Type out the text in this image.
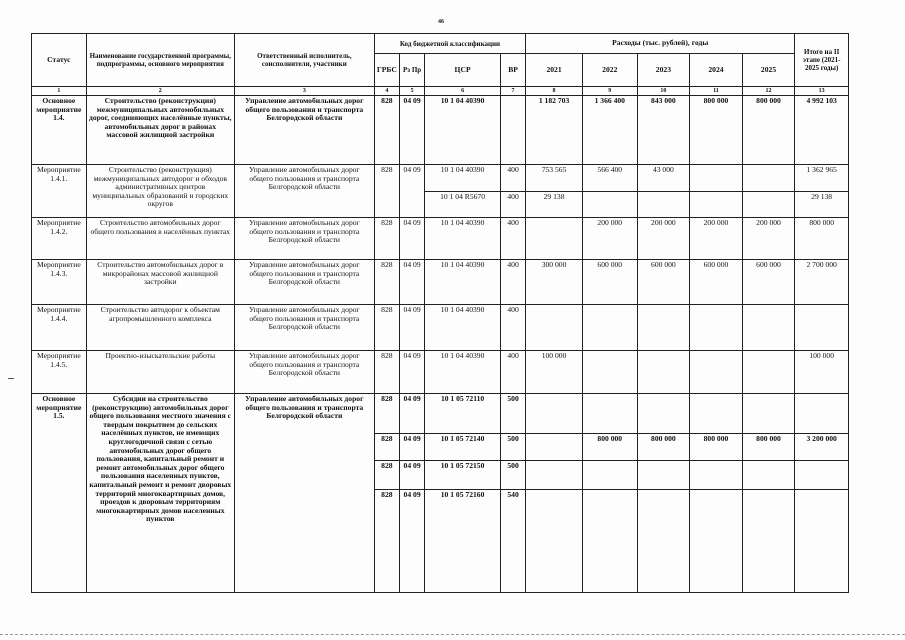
46
Статус	Наименование государственной программы, подпрограммы, основного мероприятия	Ответственный исполнитель, соисполнители, участники	Код бюджетной классификации				Расходы (тыс. рублей), годы					Итого на II этапе (2021-2025 годы)
			ГРБС	Рз Пр	ЦСР	ВР	2021	2022	2023	2024	2025	
1	2	3	4	5	6	7	8	9	10	11	12	13
Основное мероприятие 1.4.	Строительство (реконструкция) межмуниципальных автомобильных дорог, соединяющих населённые пункты, автомобильных дорог в районах массовой жилищной застройки	Управление автомобильных дорог общего пользования и транспорта Белгородской области	828	04 09	10 1 04 40390		1 182 703	1 366 400	843 000	800 000	800 000	4 992 103
Мероприятие 1.4.1.	Строительство (реконструкция) межмуниципальных автодорог и обходов административных центров муниципальных образований и городских округов	Управление автомобильных дорог общего пользования и транспорта Белгородской области	828	04 09	10 1 04 40390	400	753 565	566 400	43 000			1 362 965
					10 1 04 R5670	400	29 138					29 138
Мероприятие 1.4.2.	Строительство автомобильных дорог общего пользования в населённых пунктах	Управление автомобильных дорог общего пользования и транспорта Белгородской области	828	04 09	10 1 04 40390	400		200 000	200 000	200 000	200 000	800 000
Мероприятие 1.4.3.	Строительство автомобильных дорог в микрорайонах массовой жилищной застройки	Управление автомобильных дорог общего пользования и транспорта Белгородской области	828	04 09	10 1 04 40390	400	300 000	600 000	600 000	600 000	600 000	2 700 000
Мероприятие 1.4.4.	Строительство автодорог к объектам агропромышленного комплекса	Управление автомобильных дорог общего пользования и транспорта Белгородской области	828	04 09	10 1 04 40390	400						
Мероприятие 1.4.5.	Проектно-изыскательские работы	Управление автомобильных дорог общего пользования и транспорта Белгородской области	828	04 09	10 1 04 40390	400	100 000					100 000
Основное мероприятие 1.5.	Субсидии на строительство (реконструкцию) автомобильных дорог общего пользования местного значения с твердым покрытием до сельских населённых пунктов, не имеющих круглогодичной связи с сетью автомобильных дорог общего пользования, капитальный ремонт и ремонт автомобильных дорог общего пользования населенных пунктов, капитальный ремонт и ремонт дворовых территорий многоквартирных домов, проездов к дворовым территориям многоквартирных домов населенных пунктов	Управление автомобильных дорог общего пользования и транспорта Белгородской области	828	04 09	10 1 05 72110	500						
			828	04 09	10 1 05 72140	500		800 000	800 000	800 000	800 000	3 200 000
			828	04 09	10 1 05 72150	500						
			828	04 09	10 1 05 72160	540						
